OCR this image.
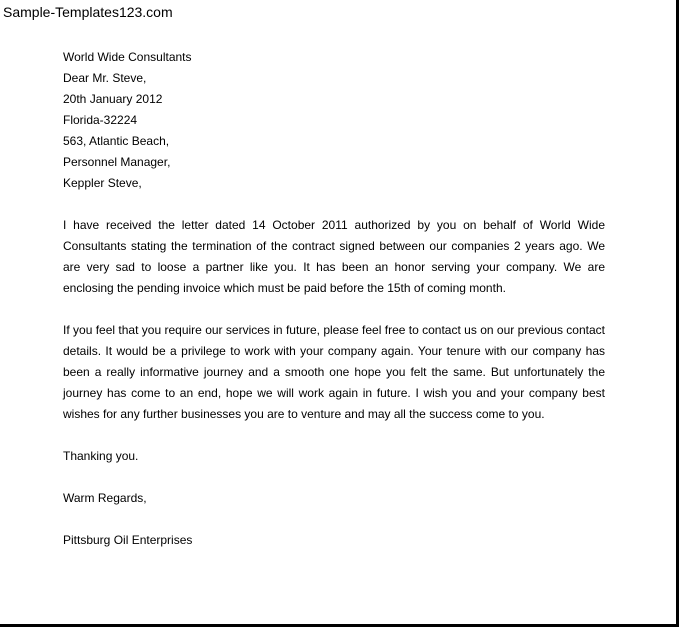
Sample-Templates123.com
World Wide Consultants
Dear Mr. Steve,
20th January 2012
Florida-32224
563, Atlantic Beach,
Personnel Manager,
Keppler Steve,

I have received the letter dated 14 October 2011 authorized by you on behalf of World Wide Consultants stating the termination of the contract signed between our companies 2 years ago. We are very sad to loose a partner like you. It has been an honor serving your company. We are enclosing the pending invoice which must be paid before the 15th of coming month.

If you feel that you require our services in future, please feel free to contact us on our previous contact details. It would be a privilege to work with your company again. Your tenure with our company has been a really informative journey and a smooth one hope you felt the same. But unfortunately the journey has come to an end, hope we will work again in future. I wish you and your company best wishes for any further businesses you are to venture and may all the success come to you.

Thanking you.

Warm Regards,

Pittsburg Oil Enterprises
